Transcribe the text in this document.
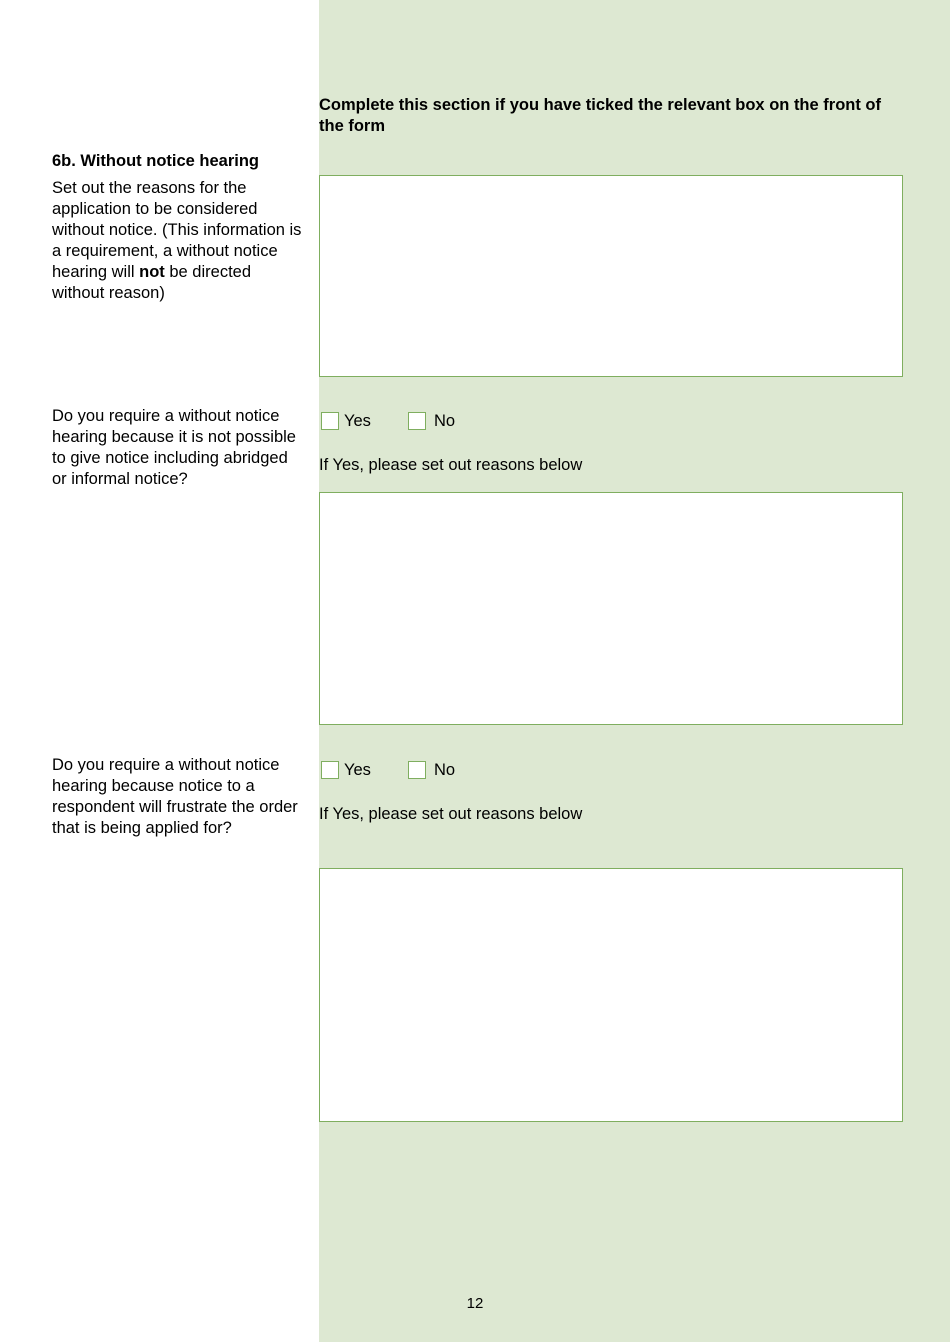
Complete this section if you have ticked the relevant box on the front of the form
6b. Without notice hearing
Set out the reasons for the application to be considered without notice. (This information is a requirement, a without notice hearing will not be directed without reason)
Do you require a without notice hearing because it is not possible to give notice including abridged or informal notice?
Yes	No
If Yes, please set out reasons below
Do you require a without notice hearing because notice to a respondent will frustrate the order that is being applied for?
Yes	No
If Yes, please set out reasons below
12
